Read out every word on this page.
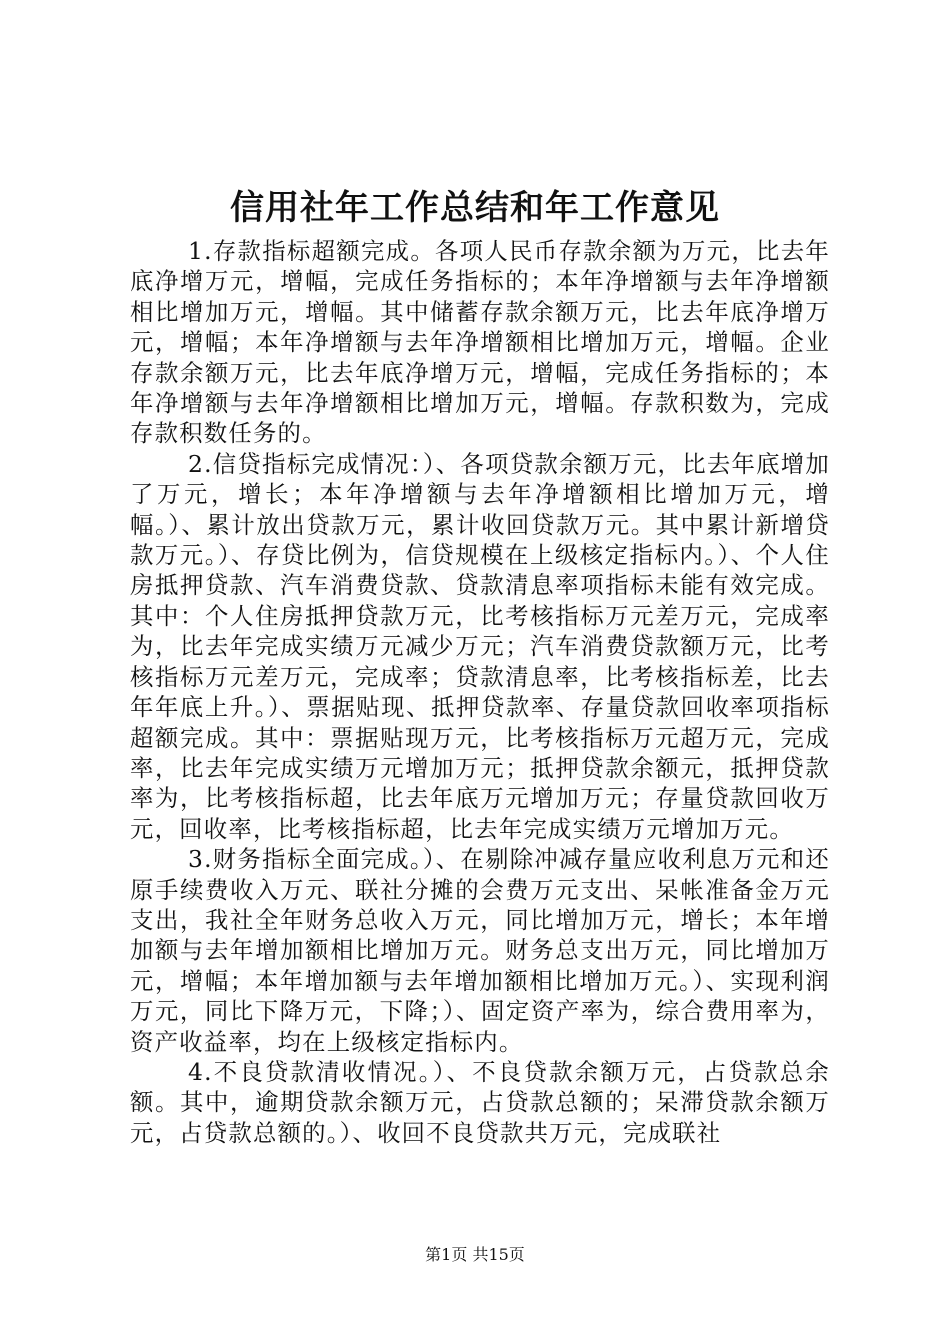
信用社年工作总结和年工作意见

1.存款指标超额完成。各项人民币存款余额为万元，比去年底净增万元，增幅，完成任务指标的；本年净增额与去年净增额相比增加万元，增幅。其中储蓄存款余额万元，比去年底净增万元，增幅；本年净增额与去年净增额相比增加万元，增幅。企业存款余额万元，比去年底净增万元，增幅，完成任务指标的；本年净增额与去年净增额相比增加万元，增幅。存款积数为，完成存款积数任务的。

2.信贷指标完成情况：）、各项贷款余额万元，比去年底增加了万元，增长；本年净增额与去年净增额相比增加万元，增幅。）、累计放出贷款万元，累计收回贷款万元。其中累计新增贷款万元。）、存贷比例为，信贷规模在上级核定指标内。）、个人住房抵押贷款、汽车消费贷款、贷款清息率项指标未能有效完成。其中：个人住房抵押贷款万元，比考核指标万元差万元，完成率为，比去年完成实绩万元减少万元；汽车消费贷款额万元，比考核指标万元差万元，完成率；贷款清息率，比考核指标差，比去年年底上升。）、票据贴现、抵押贷款率、存量贷款回收率项指标超额完成。其中：票据贴现万元，比考核指标万元超万元，完成率，比去年完成实绩万元增加万元；抵押贷款余额元，抵押贷款率为，比考核指标超，比去年底万元增加万元；存量贷款回收万元，回收率，比考核指标超，比去年完成实绩万元增加万元。

3.财务指标全面完成。）、在剔除冲减存量应收利息万元和还原手续费收入万元、联社分摊的会费万元支出、呆帐准备金万元支出，我社全年财务总收入万元，同比增加万元，增长；本年增加额与去年增加额相比增加万元。财务总支出万元，同比增加万元，增幅；本年增加额与去年增加额相比增加万元。）、实现利润万元，同比下降万元，下降；）、固定资产率为，综合费用率为，资产收益率，均在上级核定指标内。

4.不良贷款清收情况。）、不良贷款余额万元，占贷款总余额。其中，逾期贷款余额万元，占贷款总额的；呆滞贷款余额万元，占贷款总额的。）、收回不良贷款共万元，完成联社

第1页 共15页
